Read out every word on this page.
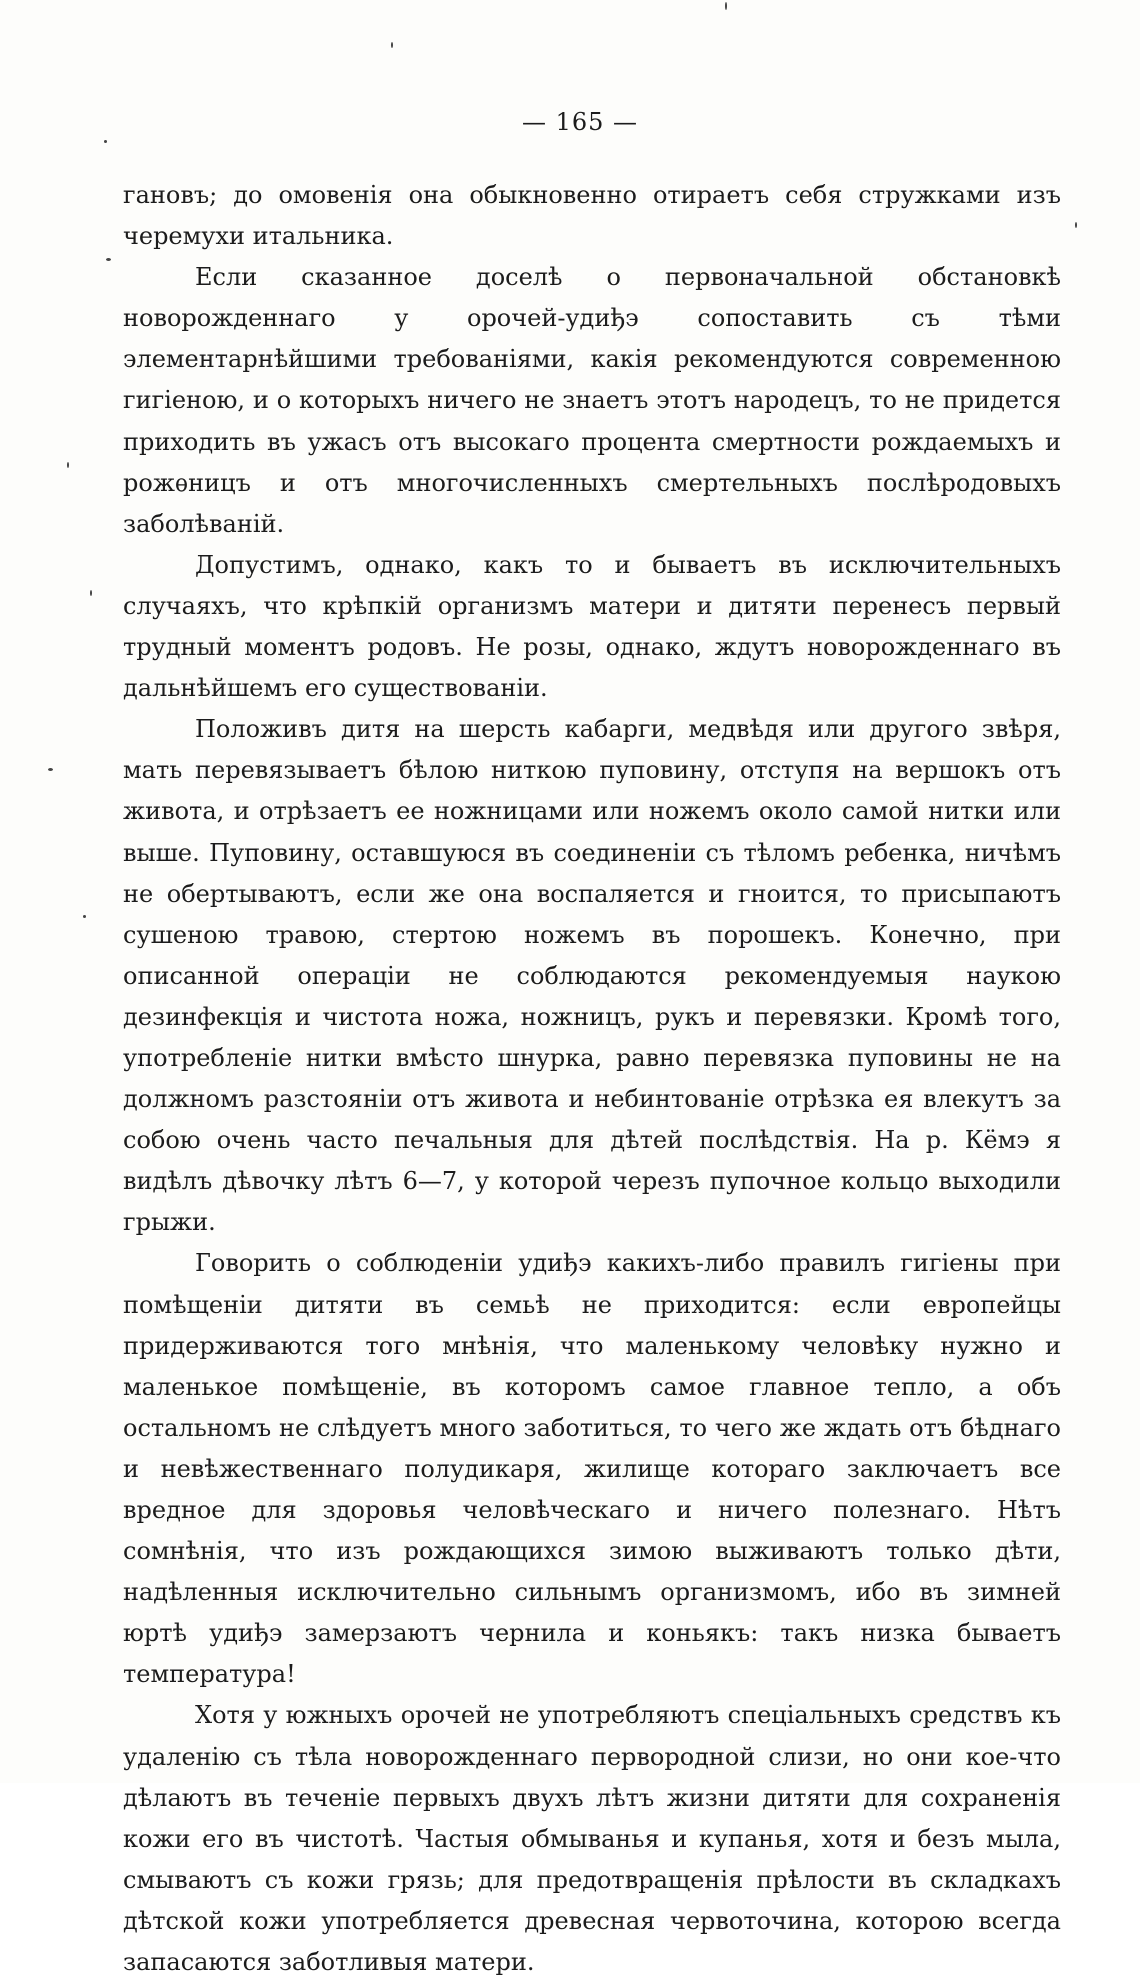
— 165 —

гановъ; до омовенія она обыкновенно отираетъ себя стружками изъ черемухи итальника.

Если сказанное доселѣ о первоначальной обстановкѣ новорожденнаго у орочей-удиђэ сопоставить съ тѣми элементарнѣйшими требованіями, какія рекомендуются современною гигіеною, и о которыхъ ничего не знаетъ этотъ народецъ, то не придется приходить въ ужасъ отъ высокаго процента смертности рождаемыхъ и рожѳницъ и отъ многочисленныхъ смертельныхъ послѣродовыхъ заболѣваній.

Допустимъ, однако, какъ то и бываетъ въ исключительныхъ случаяхъ, что крѣпкій организмъ матери и дитяти перенесъ первый трудный моментъ родовъ. Не розы, однако, ждутъ новорожденнаго въ дальнѣйшемъ его существованіи.

Положивъ дитя на шерсть кабарги, медвѣдя или другого звѣря, мать перевязываетъ бѣлою ниткою пуповину, отступя на вершокъ отъ живота, и отрѣзаетъ ее ножницами или ножемъ около самой нитки или выше. Пуповину, оставшуюся въ соединеніи съ тѣломъ ребенка, ничѣмъ не обертываютъ, если же она воспаляется и гноится, то присыпаютъ сушеною травою, стертою ножемъ въ порошекъ. Конечно, при описанной операціи не соблюдаются рекомендуемыя наукою дезинфекція и чистота ножа, ножницъ, рукъ и перевязки. Кромѣ того, употребленіе нитки вмѣсто шнурка, равно перевязка пуповины не на должномъ разстояніи отъ живота и небинтованіе отрѣзка ея влекутъ за собою очень часто печальныя для дѣтей послѣдствія. На р. Кёмэ я видѣлъ дѣвочку лѣтъ 6—7, у которой черезъ пупочное кольцо выходили грыжи.

Говорить о соблюденіи удиђэ какихъ-либо правилъ гигіены при помѣщеніи дитяти въ семьѣ не приходится: если европейцы придерживаются того мнѣнія, что маленькому человѣку нужно и маленькое помѣщеніе, въ которомъ самое главное тепло, а объ остальномъ не слѣдуетъ много заботиться, то чего же ждать отъ бѣднаго и невѣжественнаго полудикаря, жилище котораго заключаетъ все вредное для здоровья человѣческаго и ничего полезнаго. Нѣтъ сомнѣнія, что изъ рождающихся зимою выживаютъ только дѣти, надѣленныя исключительно сильнымъ организмомъ, ибо въ зимней юртѣ удиђэ замерзаютъ чернила и коньякъ: такъ низка бываетъ температура!

Хотя у южныхъ орочей не употребляютъ спеціальныхъ средствъ къ удаленію съ тѣла новорожденнаго первородной слизи, но они кое-что дѣлаютъ въ теченіе первыхъ двухъ лѣтъ жизни дитяти для сохраненія кожи его въ чистотѣ. Частыя обмыванья и купанья, хотя и безъ мыла, смываютъ съ кожи грязь; для предотвращенія прѣлости въ складкахъ дѣтской кожи употребляется древесная червоточина, которою всегда запасаются заботливыя матери.
